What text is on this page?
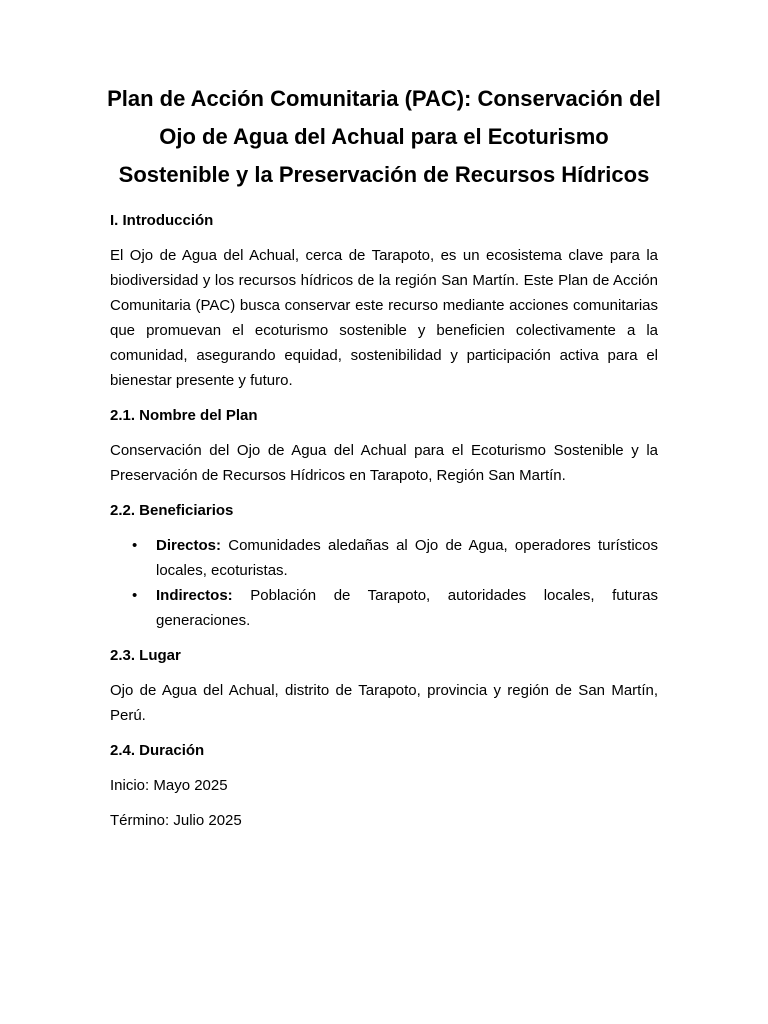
Plan de Acción Comunitaria (PAC): Conservación del Ojo de Agua del Achual para el Ecoturismo Sostenible y la Preservación de Recursos Hídricos
I. Introducción

El Ojo de Agua del Achual, cerca de Tarapoto, es un ecosistema clave para la biodiversidad y los recursos hídricos de la región San Martín. Este Plan de Acción Comunitaria (PAC) busca conservar este recurso mediante acciones comunitarias que promuevan el ecoturismo sostenible y beneficien colectivamente a la comunidad, asegurando equidad, sostenibilidad y participación activa para el bienestar presente y futuro.

2.1. Nombre del Plan

Conservación del Ojo de Agua del Achual para el Ecoturismo Sostenible y la Preservación de Recursos Hídricos en Tarapoto, Región San Martín.

2.2. Beneficiarios
• Directos: Comunidades aledañas al Ojo de Agua, operadores turísticos locales, ecoturistas.
• Indirectos: Población de Tarapoto, autoridades locales, futuras generaciones.
2.3. Lugar

Ojo de Agua del Achual, distrito de Tarapoto, provincia y región de San Martín, Perú.

2.4. Duración

Inicio: Mayo 2025

Término: Julio 2025
